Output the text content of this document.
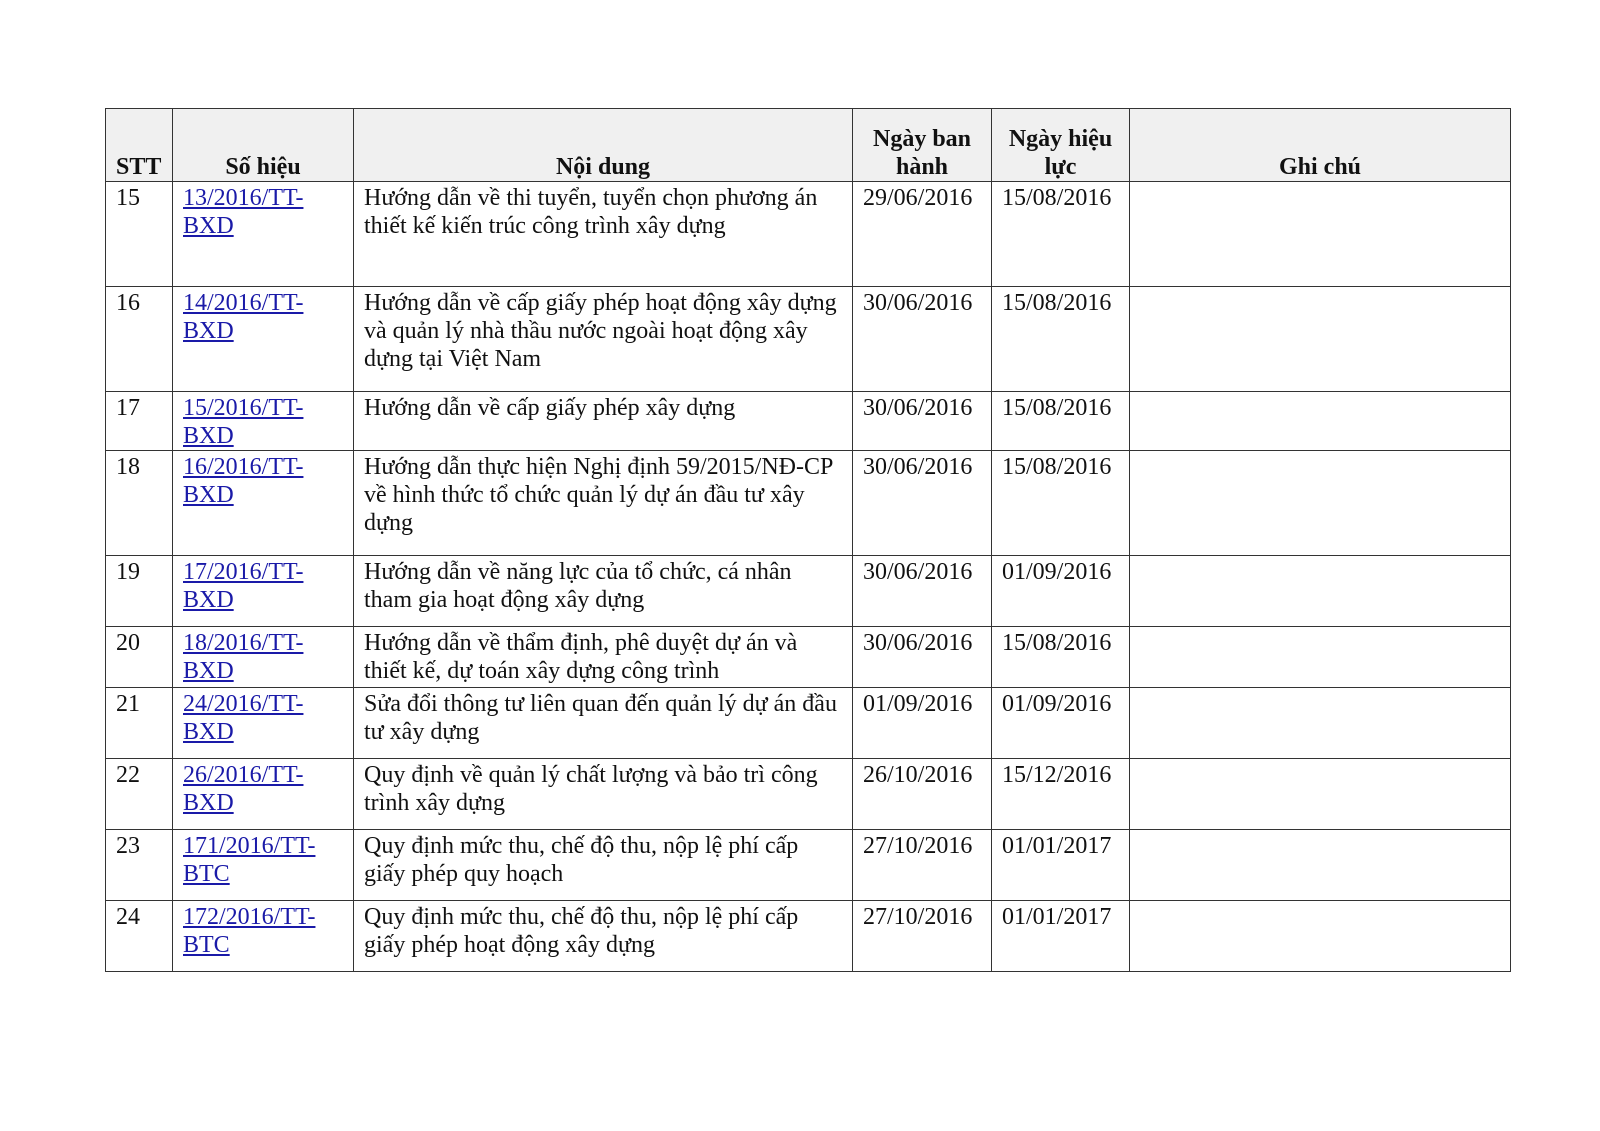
STT	Số hiệu	Nội dung	Ngày ban hành	Ngày hiệu lực	Ghi chú
15	13/2016/TT-BXD	Hướng dẫn về thi tuyển, tuyển chọn phương án thiết kế kiến trúc công trình xây dựng	29/06/2016	15/08/2016	
16	14/2016/TT-BXD	Hướng dẫn về cấp giấy phép hoạt động xây dựng và quản lý nhà thầu nước ngoài hoạt động xây dựng tại Việt Nam	30/06/2016	15/08/2016	
17	15/2016/TT-BXD	Hướng dẫn về cấp giấy phép xây dựng	30/06/2016	15/08/2016	
18	16/2016/TT-BXD	Hướng dẫn thực hiện Nghị định 59/2015/NĐ-CP về hình thức tổ chức quản lý dự án đầu tư xây dựng	30/06/2016	15/08/2016	
19	17/2016/TT-BXD	Hướng dẫn về năng lực của tổ chức, cá nhân tham gia hoạt động xây dựng	30/06/2016	01/09/2016	
20	18/2016/TT-BXD	Hướng dẫn về thẩm định, phê duyệt dự án và thiết kế, dự toán xây dựng công trình	30/06/2016	15/08/2016	
21	24/2016/TT-BXD	Sửa đổi thông tư liên quan đến quản lý dự án đầu tư xây dựng	01/09/2016	01/09/2016	
22	26/2016/TT-BXD	Quy định về quản lý chất lượng và bảo trì công trình xây dựng	26/10/2016	15/12/2016	
23	171/2016/TT-BTC	Quy định mức thu, chế độ thu, nộp lệ phí cấp giấy phép quy hoạch	27/10/2016	01/01/2017	
24	172/2016/TT-BTC	Quy định mức thu, chế độ thu, nộp lệ phí cấp giấy phép hoạt động xây dựng	27/10/2016	01/01/2017	
